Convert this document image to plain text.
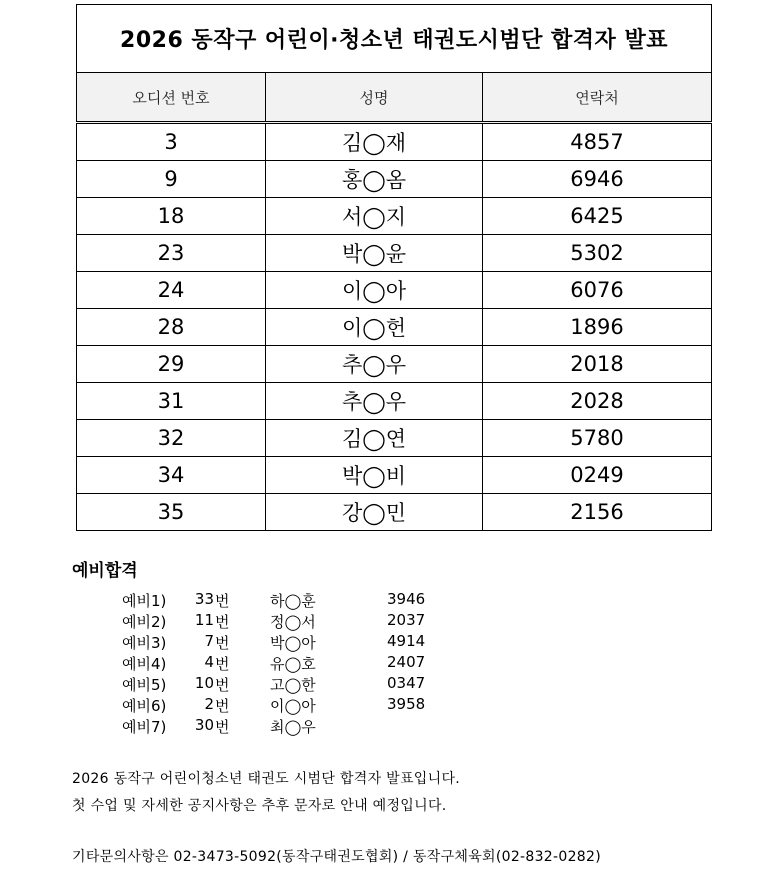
2026 동작구 어린이·청소년 태권도시범단 합격자 발표		
오디션 번호	성명	연락처
3	김◯재	4857
9	홍◯옴	6946
18	서◯지	6425
23	박◯윤	5302
24	이◯아	6076
28	이◯헌	1896
29	추◯우	2018
31	추◯우	2028
32	김◯연	5780
34	박◯비	0249
35	강◯민	2156
예비합격
예비1)	33 번	하◯훈	3946
예비2)	11 번	정◯서	2037
예비3)	7 번	박◯아	4914
예비4)	4 번	유◯호	2407
예비5)	10 번	고◯한	0347
예비6)	2 번	이◯아	3958
예비7)	30 번	최◯우
2026 동작구 어린이청소년 태권도 시범단 합격자 발표입니다.
첫 수업 및 자세한 공지사항은 추후 문자로 안내 예정입니다.
기타문의사항은 02-3473-5092(동작구태권도협회) / 동작구체육회(02-832-0282)
